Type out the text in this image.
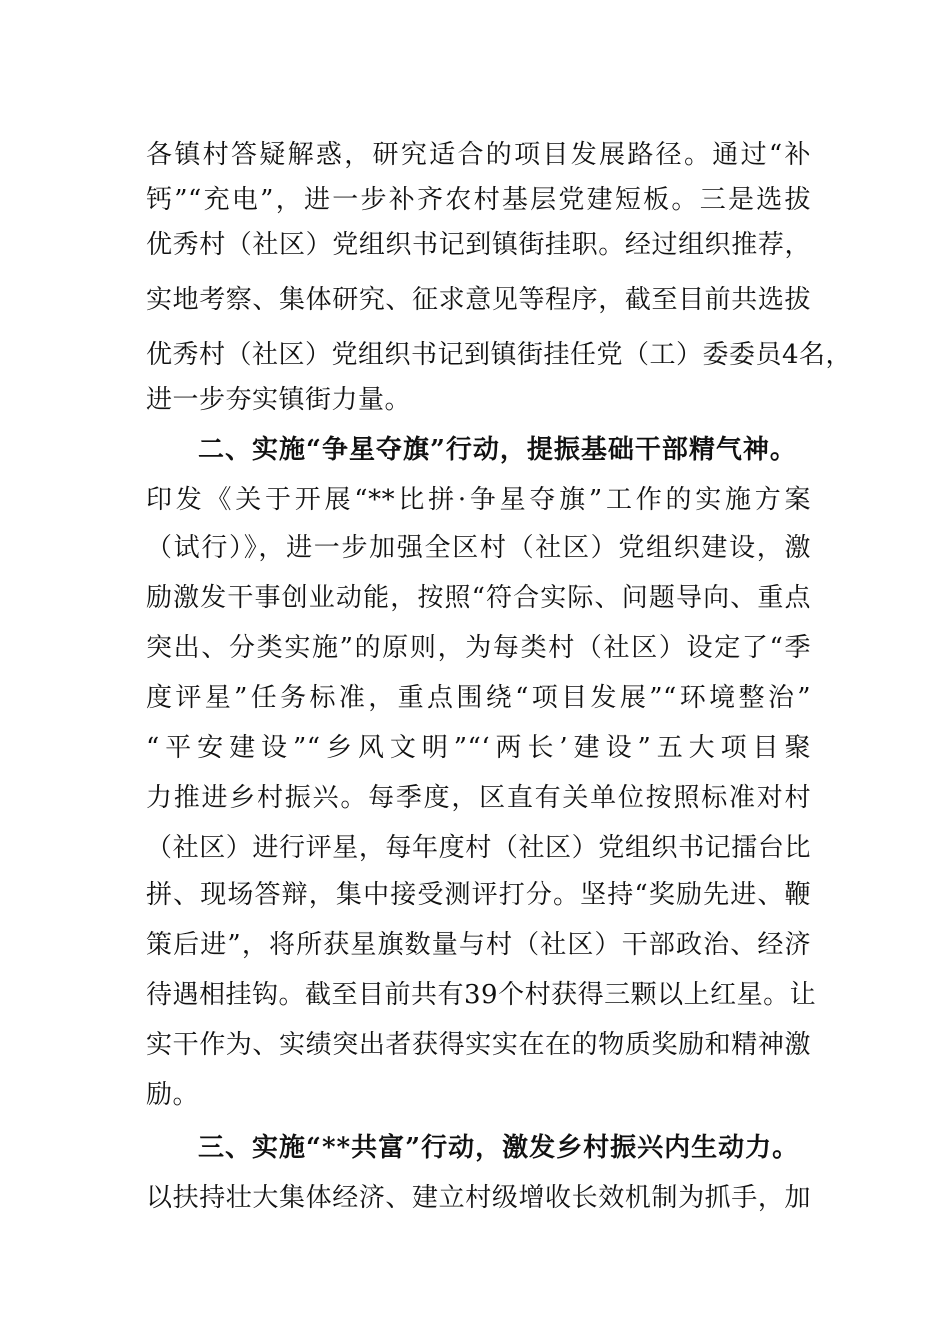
各镇村答疑解惑，研究适合的项目发展路径。通过“补
钙”“充电”，进一步补齐农村基层党建短板。三是选拔
优秀村（社区）党组织书记到镇街挂职。经过组织推荐，
实地考察、集体研究、征求意见等程序，截至目前共选拔
优秀村（社区）党组织书记到镇街挂任党（工）委委员4名，
进一步夯实镇街力量。
二、实施“争星夺旗”行动，提振基础干部精气神。
印发《关于开展“**比拼·争星夺旗”工作的实施方案
（试行）》，进一步加强全区村（社区）党组织建设，激
励激发干事创业动能，按照“符合实际、问题导向、重点
突出、分类实施”的原则，为每类村（社区）设定了“季
度评星”任务标准，重点围绕“项目发展”“环境整治”
“平安建设”“乡风文明”“‘两长’建设”五大项目聚
力推进乡村振兴。每季度，区直有关单位按照标准对村
（社区）进行评星，每年度村（社区）党组织书记擂台比
拼、现场答辩，集中接受测评打分。坚持“奖励先进、鞭
策后进”，将所获星旗数量与村（社区）干部政治、经济
待遇相挂钩。截至目前共有39个村获得三颗以上红星。让
实干作为、实绩突出者获得实实在在的物质奖励和精神激
励。
三、实施“**共富”行动，激发乡村振兴内生动力。
以扶持壮大集体经济、建立村级增收长效机制为抓手，加
